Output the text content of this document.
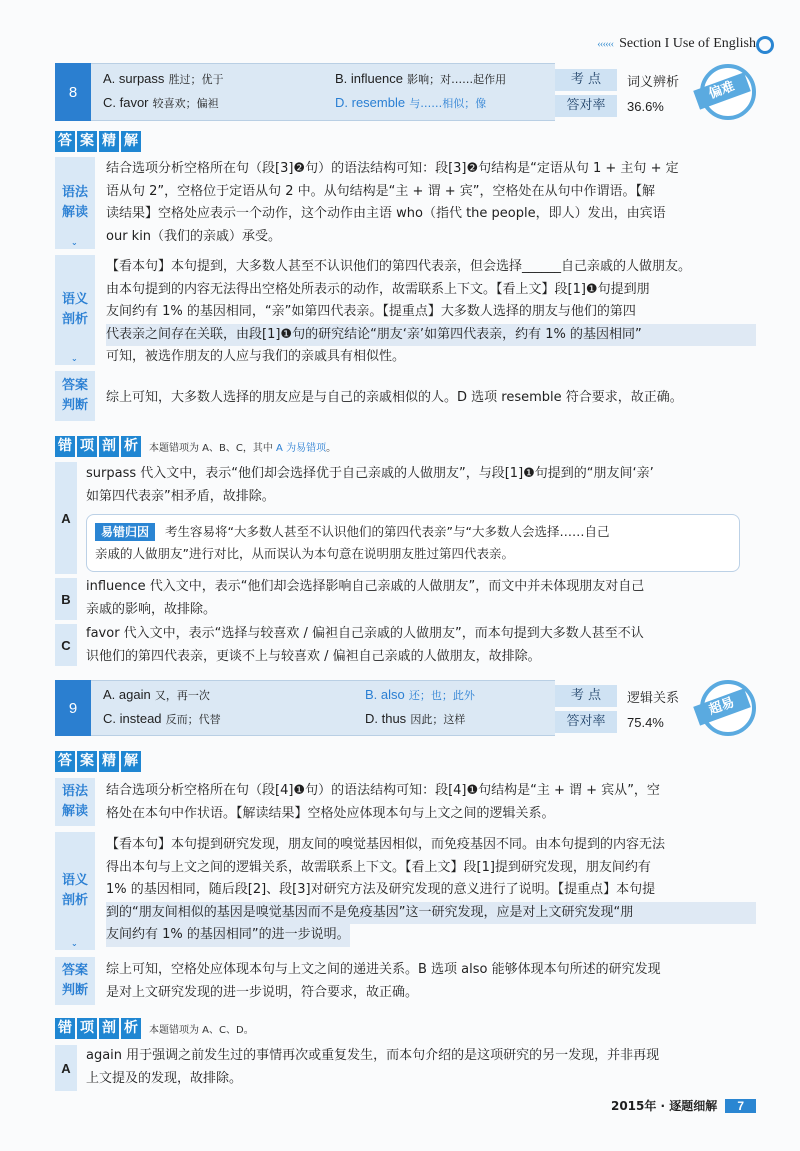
‹‹‹‹‹‹ Section I Use of English
8
A. surpass 胜过；优于	B. influence 影响；对……起作用
C. favor 较喜欢；偏袒	D. resemble 与……相似；像
考 点	词义辨析
答对率	36.6%
偏难
答 案 精 解
语法
解读
⌄
结合选项分析空格所在句（段[3]❷句）的语法结构可知：段[3]❷句结构是“定语从句 1 + 主句 + 定
语从句 2”，空格位于定语从句 2 中。从句结构是“主 + 谓 + 宾”，空格处在从句中作谓语。【解
读结果】空格处应表示一个动作，这个动作由主语 who（指代 the people，即人）发出，由宾语
our kin（我们的亲戚）承受。
语义
剖析
⌄
【看本句】本句提到，大多数人甚至不认识他们的第四代表亲，但会选择______自己亲戚的人做朋友。
由本句提到的内容无法得出空格处所表示的动作，故需联系上下文。【看上文】段[1]❶句提到朋
友间约有 1% 的基因相同，“亲”如第四代表亲。【提重点】大多数人选择的朋友与他们的第四
代表亲之间存在关联，由段[1]❶句的研究结论“朋友‘亲’如第四代表亲，约有 1% 的基因相同”
可知，被选作朋友的人应与我们的亲戚具有相似性。
答案
判断
综上可知，大多数人选择的朋友应是与自己的亲戚相似的人。D 选项 resemble 符合要求，故正确。
错 项 剖 析	本题错项为 A、B、C，其中 A 为易错项。
A
surpass 代入文中，表示“他们却会选择优于自己亲戚的人做朋友”，与段[1]❶句提到的“朋友间‘亲’
如第四代表亲”相矛盾，故排除。
易错归因 考生容易将“大多数人甚至不认识他们的第四代表亲”与“大多数人会选择……自己
亲戚的人做朋友”进行对比，从而误认为本句意在说明朋友胜过第四代表亲。
B
influence 代入文中，表示“他们却会选择影响自己亲戚的人做朋友”，而文中并未体现朋友对自己
亲戚的影响，故排除。
C
favor 代入文中，表示“选择与较喜欢 / 偏袒自己亲戚的人做朋友”，而本句提到大多数人甚至不认
识他们的第四代表亲，更谈不上与较喜欢 / 偏袒自己亲戚的人做朋友，故排除。
9
A. again 又，再一次	B. also 还；也；此外
C. instead 反而；代替	D. thus 因此；这样
考 点	逻辑关系
答对率	75.4%
超易
答 案 精 解
语法
解读
结合选项分析空格所在句（段[4]❶句）的语法结构可知：段[4]❶句结构是“主 + 谓 + 宾从”，空
格处在本句中作状语。【解读结果】空格处应体现本句与上文之间的逻辑关系。
语义
剖析
⌄
【看本句】本句提到研究发现，朋友间的嗅觉基因相似，而免疫基因不同。由本句提到的内容无法
得出本句与上文之间的逻辑关系，故需联系上下文。【看上文】段[1]提到研究发现，朋友间约有
1% 的基因相同，随后段[2]、段[3]对研究方法及研究发现的意义进行了说明。【提重点】本句提
到的“朋友间相似的基因是嗅觉基因而不是免疫基因”这一研究发现，应是对上文研究发现“朋
友间约有 1% 的基因相同”的进一步说明。
答案
判断
综上可知，空格处应体现本句与上文之间的递进关系。B 选项 also 能够体现本句所述的研究发现
是对上文研究发现的进一步说明，符合要求，故正确。
错 项 剖 析	本题错项为 A、C、D。
A
again 用于强调之前发生过的事情再次或重复发生，而本句介绍的是这项研究的另一发现，并非再现
上文提及的发现，故排除。
2015年 · 逐题细解	7
